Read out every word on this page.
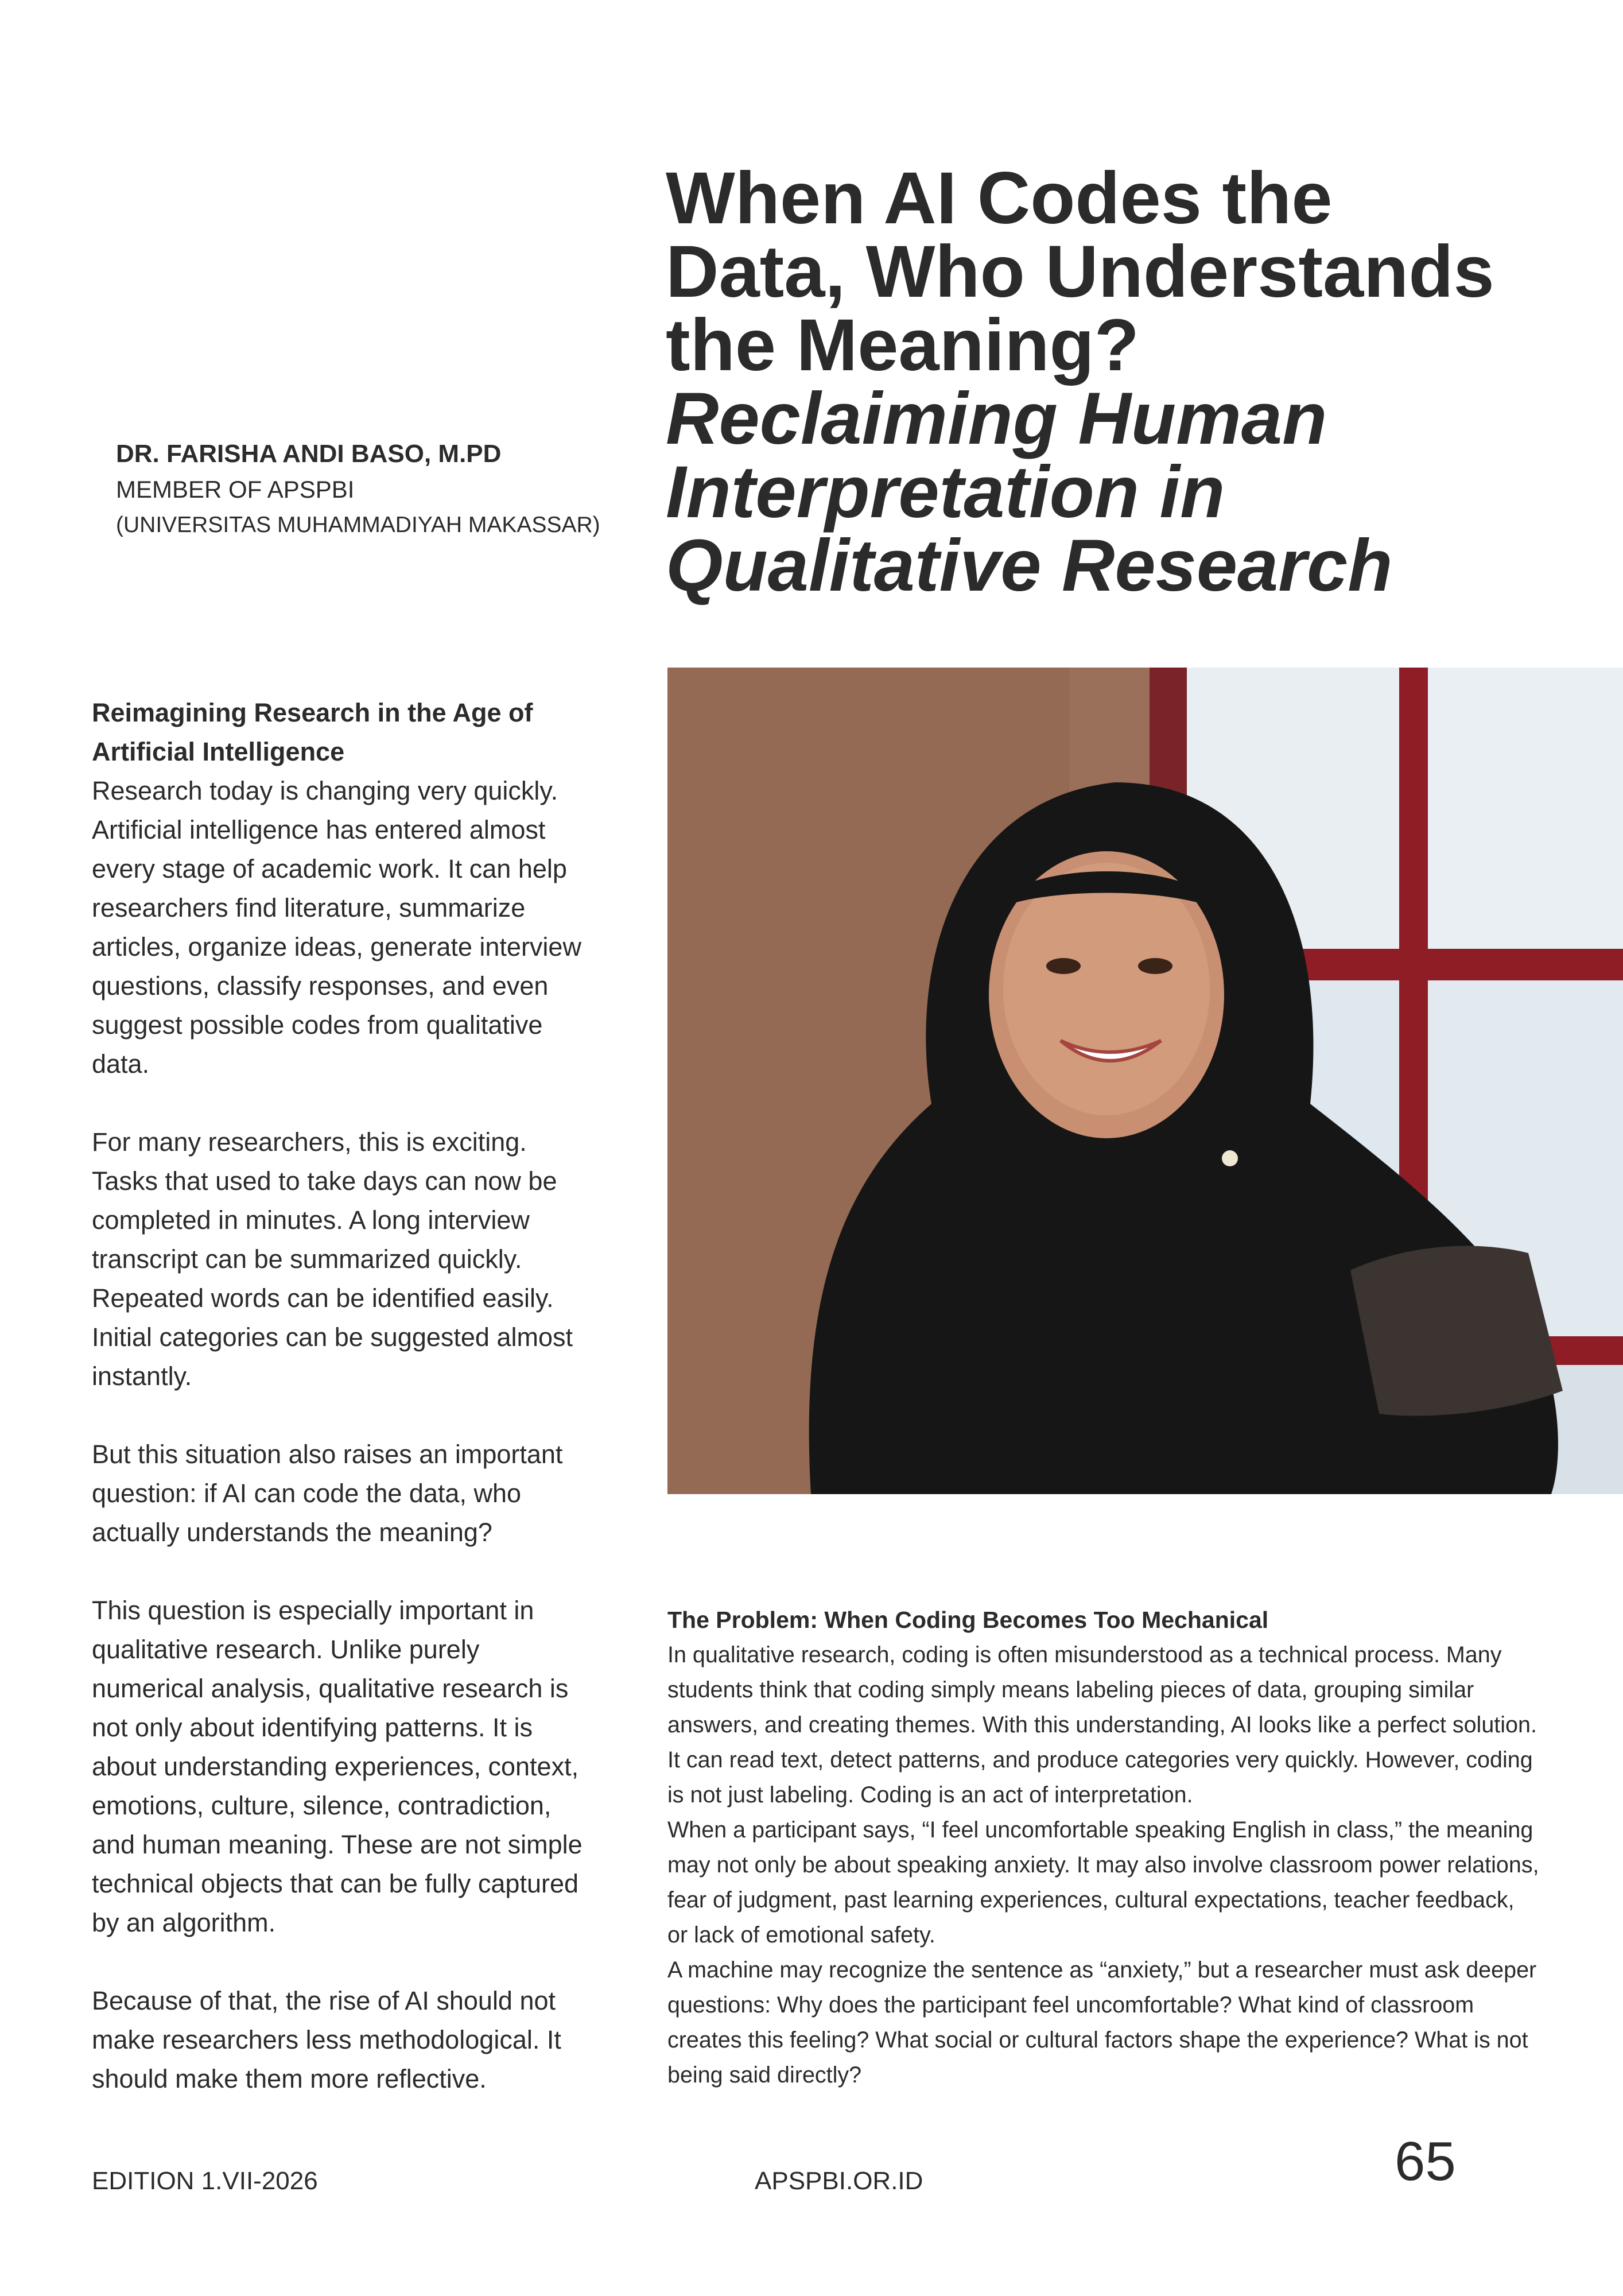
When AI Codes the
Data, Who Understands
the Meaning?
Reclaiming Human
Interpretation in
Qualitative Research

DR. FARISHA ANDI BASO, M.PD

MEMBER OF APSPBI

(UNIVERSITAS MUHAMMADIYAH MAKASSAR)

Reimagining Research in the Age of Artificial Intelligence

Research today is changing very quickly. Artificial intelligence has entered almost every stage of academic work. It can help researchers find literature, summarize articles, organize ideas, generate interview questions, classify responses, and even suggest possible codes from qualitative data.

For many researchers, this is exciting. Tasks that used to take days can now be completed in minutes. A long interview transcript can be summarized quickly. Repeated words can be identified easily. Initial categories can be suggested almost instantly.

But this situation also raises an important question: if AI can code the data, who actually understands the meaning?

This question is especially important in qualitative research. Unlike purely numerical analysis, qualitative research is not only about identifying patterns. It is about understanding experiences, context, emotions, culture, silence, contradiction, and human meaning. These are not simple technical objects that can be fully captured by an algorithm.

Because of that, the rise of AI should not make researchers less methodological. It should make them more reflective.

The Problem: When Coding Becomes Too Mechanical

In qualitative research, coding is often misunderstood as a technical process. Many students think that coding simply means labeling pieces of data, grouping similar answers, and creating themes. With this understanding, AI looks like a perfect solution. It can read text, detect patterns, and produce categories very quickly. However, coding is not just labeling. Coding is an act of interpretation.

When a participant says, “I feel uncomfortable speaking English in class,” the meaning may not only be about speaking anxiety. It may also involve classroom power relations, fear of judgment, past learning experiences, cultural expectations, teacher feedback, or lack of emotional safety.

A machine may recognize the sentence as “anxiety,” but a researcher must ask deeper questions: Why does the participant feel uncomfortable? What kind of classroom creates this feeling? What social or cultural factors shape the experience? What is not being said directly?

EDITION 1.VII-2026	APSPBI.OR.ID	65
